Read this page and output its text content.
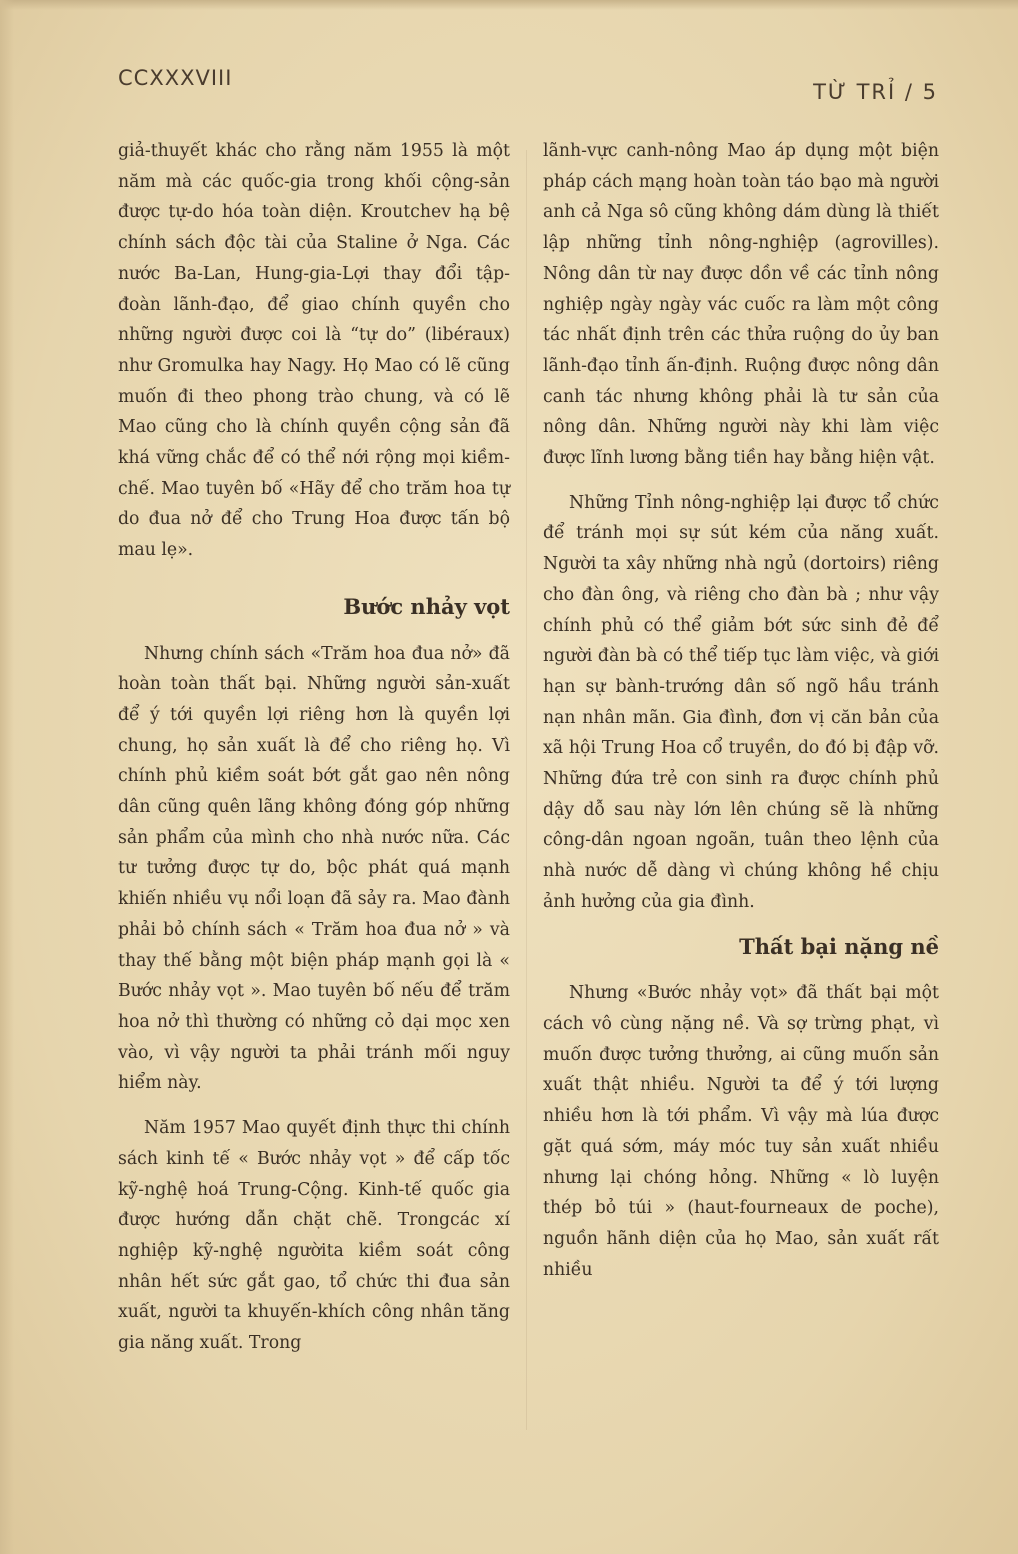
CCXXXVIII
TỪ TRỈ / 5

giả-thuyết khác cho rằng năm 1955 là một năm mà các quốc-gia trong khối cộng-sản được tự-do hóa toàn diện. Kroutchev hạ bệ chính sách độc tài của Staline ở Nga. Các nước Ba-Lan, Hung-gia-Lợi thay đổi tập-đoàn lãnh-đạo, để giao chính quyền cho những người được coi là “tự do” (libéraux) như Gromulka hay Nagy. Họ Mao có lẽ cũng muốn đi theo phong trào chung, và có lẽ Mao cũng cho là chính quyền cộng sản đã khá vững chắc để có thể nới rộng mọi kiềm-chế. Mao tuyên bố «Hãy để cho trăm hoa tự do đua nở để cho Trung Hoa được tấn bộ mau lẹ».

Bước nhảy vọt

Nhưng chính sách «Trăm hoa đua nở» đã hoàn toàn thất bại. Những người sản-xuất để ý tới quyền lợi riêng hơn là quyền lợi chung, họ sản xuất là để cho riêng họ. Vì chính phủ kiềm soát bớt gắt gao nên nông dân cũng quên lãng không đóng góp những sản phẩm của mình cho nhà nước nữa. Các tư tưởng được tự do, bộc phát quá mạnh khiến nhiều vụ nổi loạn đã sảy ra. Mao đành phải bỏ chính sách « Trăm hoa đua nở » và thay thế bằng một biện pháp mạnh gọi là « Bước nhảy vọt ». Mao tuyên bố nếu để trăm hoa nở thì thường có những cỏ dại mọc xen vào, vì vậy người ta phải tránh mối nguy hiểm này.

Năm 1957 Mao quyết định thực thi chính sách kinh tế « Bước nhảy vọt » để cấp tốc kỹ-nghệ hoá Trung-Cộng. Kinh-tế quốc gia được hướng dẫn chặt chẽ. Trongcác xí nghiệp kỹ-nghệ ngườita kiềm soát công nhân hết sức gắt gao, tổ chức thi đua sản xuất, người ta khuyến-khích công nhân tăng gia năng xuất. Trong

lãnh-vực canh-nông Mao áp dụng một biện pháp cách mạng hoàn toàn táo bạo mà người anh cả Nga sô cũng không dám dùng là thiết lập những tỉnh nông-nghiệp (agrovilles). Nông dân từ nay được dồn về các tỉnh nông nghiệp ngày ngày vác cuốc ra làm một công tác nhất định trên các thửa ruộng do ủy ban lãnh-đạo tỉnh ấn-định. Ruộng được nông dân canh tác nhưng không phải là tư sản của nông dân. Những người này khi làm việc được lĩnh lương bằng tiền hay bằng hiện vật.

Những Tỉnh nông-nghiệp lại được tổ chức để tránh mọi sự sút kém của năng xuất. Người ta xây những nhà ngủ (dortoirs) riêng cho đàn ông, và riêng cho đàn bà ; như vậy chính phủ có thể giảm bớt sức sinh đẻ để người đàn bà có thể tiếp tục làm việc, và giới hạn sự bành-trướng dân số ngõ hầu tránh nạn nhân mãn. Gia đình, đơn vị căn bản của xã hội Trung Hoa cổ truyền, do đó bị đập vỡ. Những đứa trẻ con sinh ra được chính phủ dậy dỗ sau này lớn lên chúng sẽ là những công-dân ngoan ngoãn, tuân theo lệnh của nhà nước dễ dàng vì chúng không hề chịu ảnh hưởng của gia đình.

Thất bại nặng nề

Nhưng «Bước nhảy vọt» đã thất bại một cách vô cùng nặng nề. Và sợ trừng phạt, vì muốn được tưởng thưởng, ai cũng muốn sản xuất thật nhiều. Người ta để ý tới lượng nhiều hơn là tới phẩm. Vì vậy mà lúa được gặt quá sớm, máy móc tuy sản xuất nhiều nhưng lại chóng hỏng. Những « lò luyện thép bỏ túi » (haut-fourneaux de poche), nguồn hãnh diện của họ Mao, sản xuất rất nhiều
